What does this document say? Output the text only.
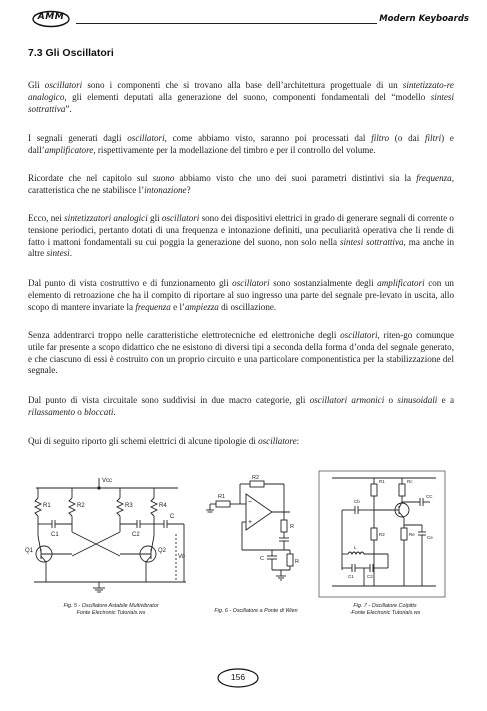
AMM	Modern Keyboards
7.3 Gli Oscillatori
Gli oscillatori sono i componenti che si trovano alla base dell’architettura progettuale di un sintetizzato-re analogico, gli elementi deputati alla generazione del suono, componenti fondamentali del “modello sintesi sottrattiva”.
I segnali generati dagli oscillatori, come abbiamo visto, saranno poi processati dal filtro (o dai filtri) e dall’amplificatore, rispettivamente per la modellazione del timbro e per il controllo del volume.
Ricordate che nel capitolo sul suono abbiamo visto che uno dei suoi parametri distintivi sia la frequenza, caratteristica che ne stabilisce l’intonazione?
Ecco, nei sintetizzatori analogici gli oscillatori sono dei dispositivi elettrici in grado di generare segnali di corrente o tensione periodici, pertanto dotati di una frequenza e intonazione definiti, una peculiarità operativa che li rende di fatto i mattoni fondamentali su cui poggia la generazione del suono, non solo nella sintesi sottrattiva, ma anche in altre sintesi.
Dal punto di vista costruttivo e di funzionamento gli oscillatori sono sostanzialmente degli amplificatori con un elemento di retroazione che ha il compito di riportare al suo ingresso una parte del segnale pre-levato in uscita, allo scopo di mantere invariate la frequenza e l’ampiezza di oscillazione.
Senza addentrarci troppo nelle caratteristiche elettrotecniche ed elettroniche degli oscillatori, riten-go comunque utile far presente a scopo didattico che ne esistono di diversi tipi a seconda della forma d’onda del segnale generato, e che ciascuno di essi è costruito con un proprio circuito e una particolare componentistica per la stabilizzazione del segnale.
Dal punto di vista circuitale sono suddivisi in due macro categorie, gli oscillatori armonici o sinusoidali e a rilassamento o bloccati.
Qui di seguito riporto gli schemi elettrici di alcune tipologie di oscillatore:
Vcc
R1	R2	R3	R4
C1	C2
C
Q1	Q2
Vo
Fig. 5 - Oscillatore Astabile Multivibrator
Fonte Electronic Tutorials.ws
R1
−
+
R2
R
C	R
Fig. 6 - Oscillatore a Ponte di Wien
R1	Rc
CC
Cb
R2	Re
Ce
L
C1	C2
Fig. 7 - Oscillatore Colpitts
-Fonte Electronic Tutorials.ws
156
